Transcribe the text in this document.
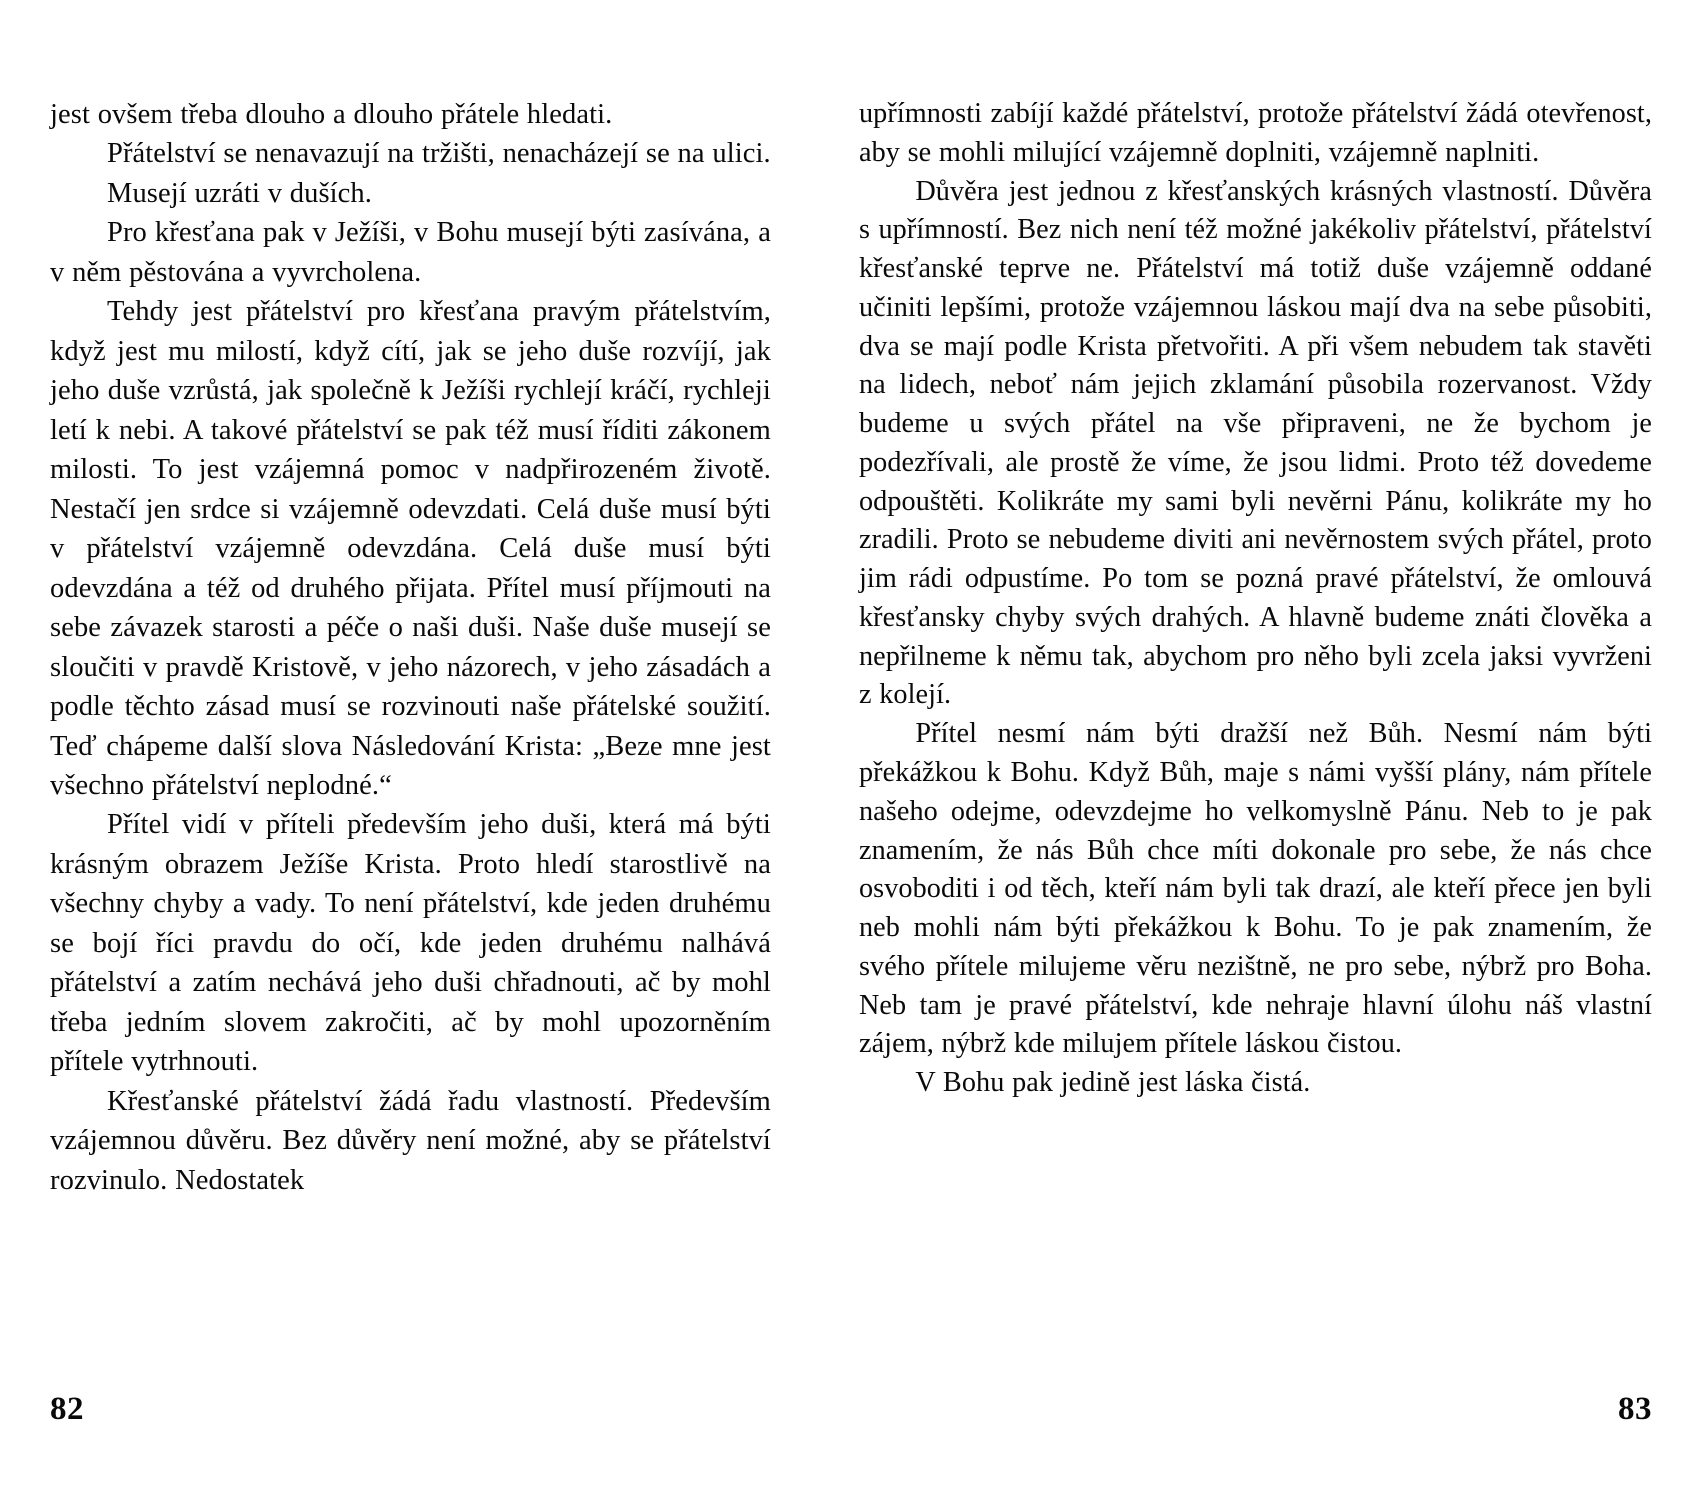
jest ovšem třeba dlouho a dlouho přátele hledati.

Přátelství se nenavazují na tržišti, nenacházejí se na ulici.

Musejí uzráti v duších.

Pro křesťana pak v Ježíši, v Bohu musejí býti zasívána, a v něm pěstována a vyvrcholena.

Tehdy jest přátelství pro křesťana pravým přátelstvím, když jest mu milostí, když cítí, jak se jeho duše rozvíjí, jak jeho duše vzrůstá, jak společně k Ježíši rychlejí kráčí, rychleji letí k nebi. A takové přátelství se pak též musí říditi zákonem milosti. To jest vzájemná pomoc v nadpřirozeném životě. Nestačí jen srdce si vzájemně odevzdati. Celá duše musí býti v přátelství vzájemně odevzdána. Celá duše musí býti odevzdána a též od druhého přijata. Přítel musí příjmouti na sebe závazek starosti a péče o naši duši. Naše duše musejí se sloučiti v pravdě Kristově, v jeho názorech, v jeho zásadách a podle těchto zásad musí se rozvinouti naše přátelské soužití. Teď chápeme další slova Následování Krista: „Beze mne jest všechno přátelství neplodné.“

Přítel vidí v příteli především jeho duši, která má býti krásným obrazem Ježíše Krista. Proto hledí starostlivě na všechny chyby a vady. To není přátelství, kde jeden druhému se bojí říci pravdu do očí, kde jeden druhému nalhává přátelství a zatím nechává jeho duši chřadnouti, ač by mohl třeba jedním slovem zakročiti, ač by mohl upozorněním přítele vytrhnouti.

Křesťanské přátelství žádá řadu vlastností. Především vzájemnou důvěru. Bez důvěry není možné, aby se přátelství rozvinulo. Nedostatek

82

upřímnosti zabíjí každé přátelství, protože přátelství žádá otevřenost, aby se mohli milující vzájemně doplniti, vzájemně naplniti.

Důvěra jest jednou z křesťanských krásných vlastností. Důvěra s upřímností. Bez nich není též možné jakékoliv přátelství, přátelství křesťanské teprve ne. Přátelství má totiž duše vzájemně oddané učiniti lepšími, protože vzájemnou láskou mají dva na sebe působiti, dva se mají podle Krista přetvořiti. A při všem nebudem tak stavěti na lidech, neboť nám jejich zklamání působila rozervanost. Vždy budeme u svých přátel na vše připraveni, ne že bychom je podezřívali, ale prostě že víme, že jsou lidmi. Proto též dovedeme odpouštěti. Kolikráte my sami byli nevěrni Pánu, kolikráte my ho zradili. Proto se nebudeme diviti ani nevěrnostem svých přátel, proto jim rádi odpustíme. Po tom se pozná pravé přátelství, že omlouvá křesťansky chyby svých drahých. A hlavně budeme znáti člověka a nepřilneme k němu tak, abychom pro něho byli zcela jaksi vyvrženi z kolejí.

Přítel nesmí nám býti dražší než Bůh. Nesmí nám býti překážkou k Bohu. Když Bůh, maje s námi vyšší plány, nám přítele našeho odejme, odevzdejme ho velkomyslně Pánu. Neb to je pak znamením, že nás Bůh chce míti dokonale pro sebe, že nás chce osvoboditi i od těch, kteří nám byli tak drazí, ale kteří přece jen byli neb mohli nám býti překážkou k Bohu. To je pak znamením, že svého přítele milujeme věru nezištně, ne pro sebe, nýbrž pro Boha. Neb tam je pravé přátelství, kde nehraje hlavní úlohu náš vlastní zájem, nýbrž kde milujem přítele láskou čistou.

V Bohu pak jedině jest láska čistá.

83
